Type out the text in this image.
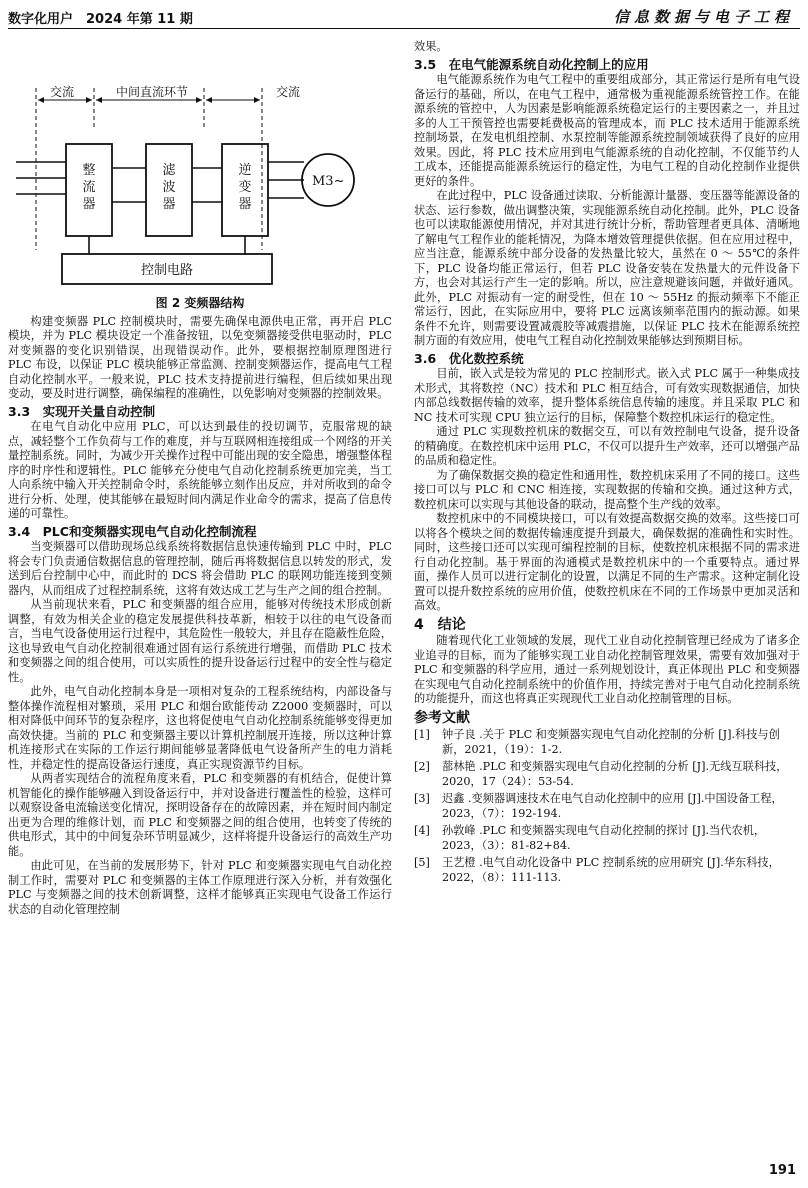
数字化用户　2024 年第 11 期	信息数据与电子工程
交流	中间直流环节	交流
M3~
整流器
滤波器
逆变器
控制电路

图 2 变频器结构

构建变频器 PLC 控制模块时，需要先确保电源供电正常，再开启 PLC 模块，并为 PLC 模块设定一个准备按钮，以免变频器接受供电驱动时，PLC 对变频器的变化识别错误，出现错误动作。此外，要根据控制原理图进行 PLC 布设，以保证 PLC 模块能够正常监测、控制变频器运作，提高电气工程自动化控制水平。一般来说，PLC 技术支持提前进行编程，但后续如果出现变动，要及时进行调整，确保编程的准确性，以免影响对变频器的控制效果。

3.3　实现开关量自动控制

在电气自动化中应用 PLC，可以达到最佳的投切调节，克服常规的缺点，减轻整个工作负荷与工作的难度，并与互联网相连接组成一个网络的开关量控制系统。同时，为减少开关操作过程中可能出现的安全隐患，增强整体程序的时序性和逻辑性。PLC 能够充分使电气自动化控制系统更加完美，当工人向系统中输入开关控制命令时，系统能够立刻作出反应，并对所收到的命令进行分析、处理，使其能够在最短时间内满足作业命令的需求，提高了信息传递的可靠性。

3.4　PLC和变频器实现电气自动化控制流程

当变频器可以借助现场总线系统将数据信息快速传输到 PLC 中时，PLC 将会专门负责通信数据信息的管理控制，随后再将数据信息以转发的形式，发送到后台控制中心中，而此时的 DCS 将会借助 PLC 的联网功能连接到变频器内，从而组成了过程控制系统，这将有效达成工艺与生产之间的组合控制。

从当前现状来看，PLC 和变频器的组合应用，能够对传统技术形成创新调整，有效为相关企业的稳定发展提供科技革新，相较于以往的电气设备而言，当电气设备使用运行过程中，其危险性一般较大，并且存在隐蔽性危险，这也导致电气自动化控制很难通过固有运行系统进行增强，而借助 PLC 技术和变频器之间的组合使用，可以实质性的提升设备运行过程中的安全性与稳定性。

此外，电气自动化控制本身是一项相对复杂的工程系统结构，内部设备与整体操作流程相对繁琐，采用 PLC 和烟台欧能传动 Z2000 变频器时，可以相对降低中间环节的复杂程序，这也将促使电气自动化控制系统能够变得更加高效快捷。当前的 PLC 和变频器主要以计算机控制展开连接，所以这种计算机连接形式在实际的工作运行期间能够显著降低电气设备所产生的电力消耗性，并稳定性的提高设备运行速度，真正实现资源节约目标。

从两者实现结合的流程角度来看，PLC 和变频器的有机结合，促使计算机智能化的操作能够融入到设备运行中，并对设备进行覆盖性的检验，这样可以观察设备电流输送变化情况，探明设备存在的故障因素，并在短时间内制定出更为合理的维修计划，而 PLC 和变频器之间的组合使用，也转变了传统的供电形式，其中的中间复杂环节明显减少，这样将提升设备运行的高效生产功能。

由此可见，在当前的发展形势下，针对 PLC 和变频器实现电气自动化控制工作时，需要对 PLC 和变频器的主体工作原理进行深入分析，并有效强化 PLC 与变频器之间的技术创新调整，这样才能够真正实现电气设备工作运行状态的自动化管理控制

效果。

3.5　在电气能源系统自动化控制上的应用

电气能源系统作为电气工程中的重要组成部分，其正常运行是所有电气设备运行的基础，所以，在电气工程中，通常极为重视能源系统管控工作。在能源系统的管控中，人为因素是影响能源系统稳定运行的主要因素之一，并且过多的人工干预管控也需要耗费极高的管理成本，而 PLC 技术适用于能源系统控制场景，在发电机组控制、水泵控制等能源系统控制领域获得了良好的应用效果。因此，将 PLC 技术应用到电气能源系统的自动化控制，不仅能节约人工成本，还能提高能源系统运行的稳定性，为电气工程的自动化控制作业提供更好的条件。

在此过程中，PLC 设备通过读取、分析能源计量器、变压器等能源设备的状态、运行参数，做出调整决策，实现能源系统自动化控制。此外，PLC 设备也可以读取能源使用情况，并对其进行统计分析，帮助管理者更具体、清晰地了解电气工程作业的能耗情况，为降本增效管理提供依据。但在应用过程中，应当注意，能源系统中部分设备的发热量比较大，虽然在 0 ～ 55℃的条件下，PLC 设备均能正常运行，但若 PLC 设备安装在发热量大的元件设备下方，也会对其运行产生一定的影响。所以，应注意规避该问题，并做好通风。此外，PLC 对振动有一定的耐受性，但在 10 ～ 55Hz 的振动频率下不能正常运行，因此，在实际应用中，要将 PLC 远离该频率范围内的振动源。如果条件不允许，则需要设置减震胶等减震措施，以保证 PLC 技术在能源系统控制方面的有效应用，使电气工程自动化控制效果能够达到预期目标。

3.6　优化数控系统

目前，嵌入式是较为常见的 PLC 控制形式。嵌入式 PLC 属于一种集成技术形式，其将数控（NC）技术和 PLC 相互结合，可有效实现数据通信，加快内部总线数据传输的效率，提升整体系统信息传输的速度。并且采取 PLC 和 NC 技术可实现 CPU 独立运行的目标，保障整个数控机床运行的稳定性。

通过 PLC 实现数控机床的数据交互，可以有效控制电气设备，提升设备的精确度。在数控机床中运用 PLC，不仅可以提升生产效率，还可以增强产品的品质和稳定性。

为了确保数据交换的稳定性和通用性，数控机床采用了不同的接口。这些接口可以与 PLC 和 CNC 相连接，实现数据的传输和交换。通过这种方式，数控机床可以实现与其他设备的联动，提高整个生产线的效率。

数控机床中的不同模块接口，可以有效提高数据交换的效率。这些接口可以将各个模块之间的数据传输速度提升到最大，确保数据的准确性和实时性。同时，这些接口还可以实现可编程控制的目标，使数控机床根据不同的需求进行自动化控制。基于界面的沟通模式是数控机床中的一个重要特点。通过界面，操作人员可以进行定制化的设置，以满足不同的生产需求。这种定制化设置可以提升数控系统的应用价值，使数控机床在不同的工作场景中更加灵活和高效。

4　结论

随着现代化工业领域的发展，现代工业自动化控制管理已经成为了诸多企业追寻的目标，而为了能够实现工业自动化控制管理效果，需要有效加强对于 PLC 和变频器的科学应用，通过一系列规划设计，真正体现出 PLC 和变频器在实现电气自动化控制系统中的价值作用，持续完善对于电气自动化控制系统的功能提升，而这也将真正实现现代工业自动化控制管理的目标。

参考文献
[1]	钟子良 .关于 PLC 和变频器实现电气自动化控制的分析 [J].科技与创新，2021，（19）：1-2.
[2]	蔀林艳 .PLC 和变频器实现电气自动化控制的分析 [J].无线互联科技，2020，17（24）：53-54.
[3]	迟鑫 .变频器调速技术在电气自动化控制中的应用 [J].中国设备工程，2023，（7）：192-194.
[4]	孙敦峰 .PLC 和变频器实现电气自动化控制的探讨 [J].当代农机，2023，（3）：81-82+84.
[5]	王艺橙 .电气自动化设备中 PLC 控制系统的应用研究 [J].华东科技，2022，（8）：111-113.
191
